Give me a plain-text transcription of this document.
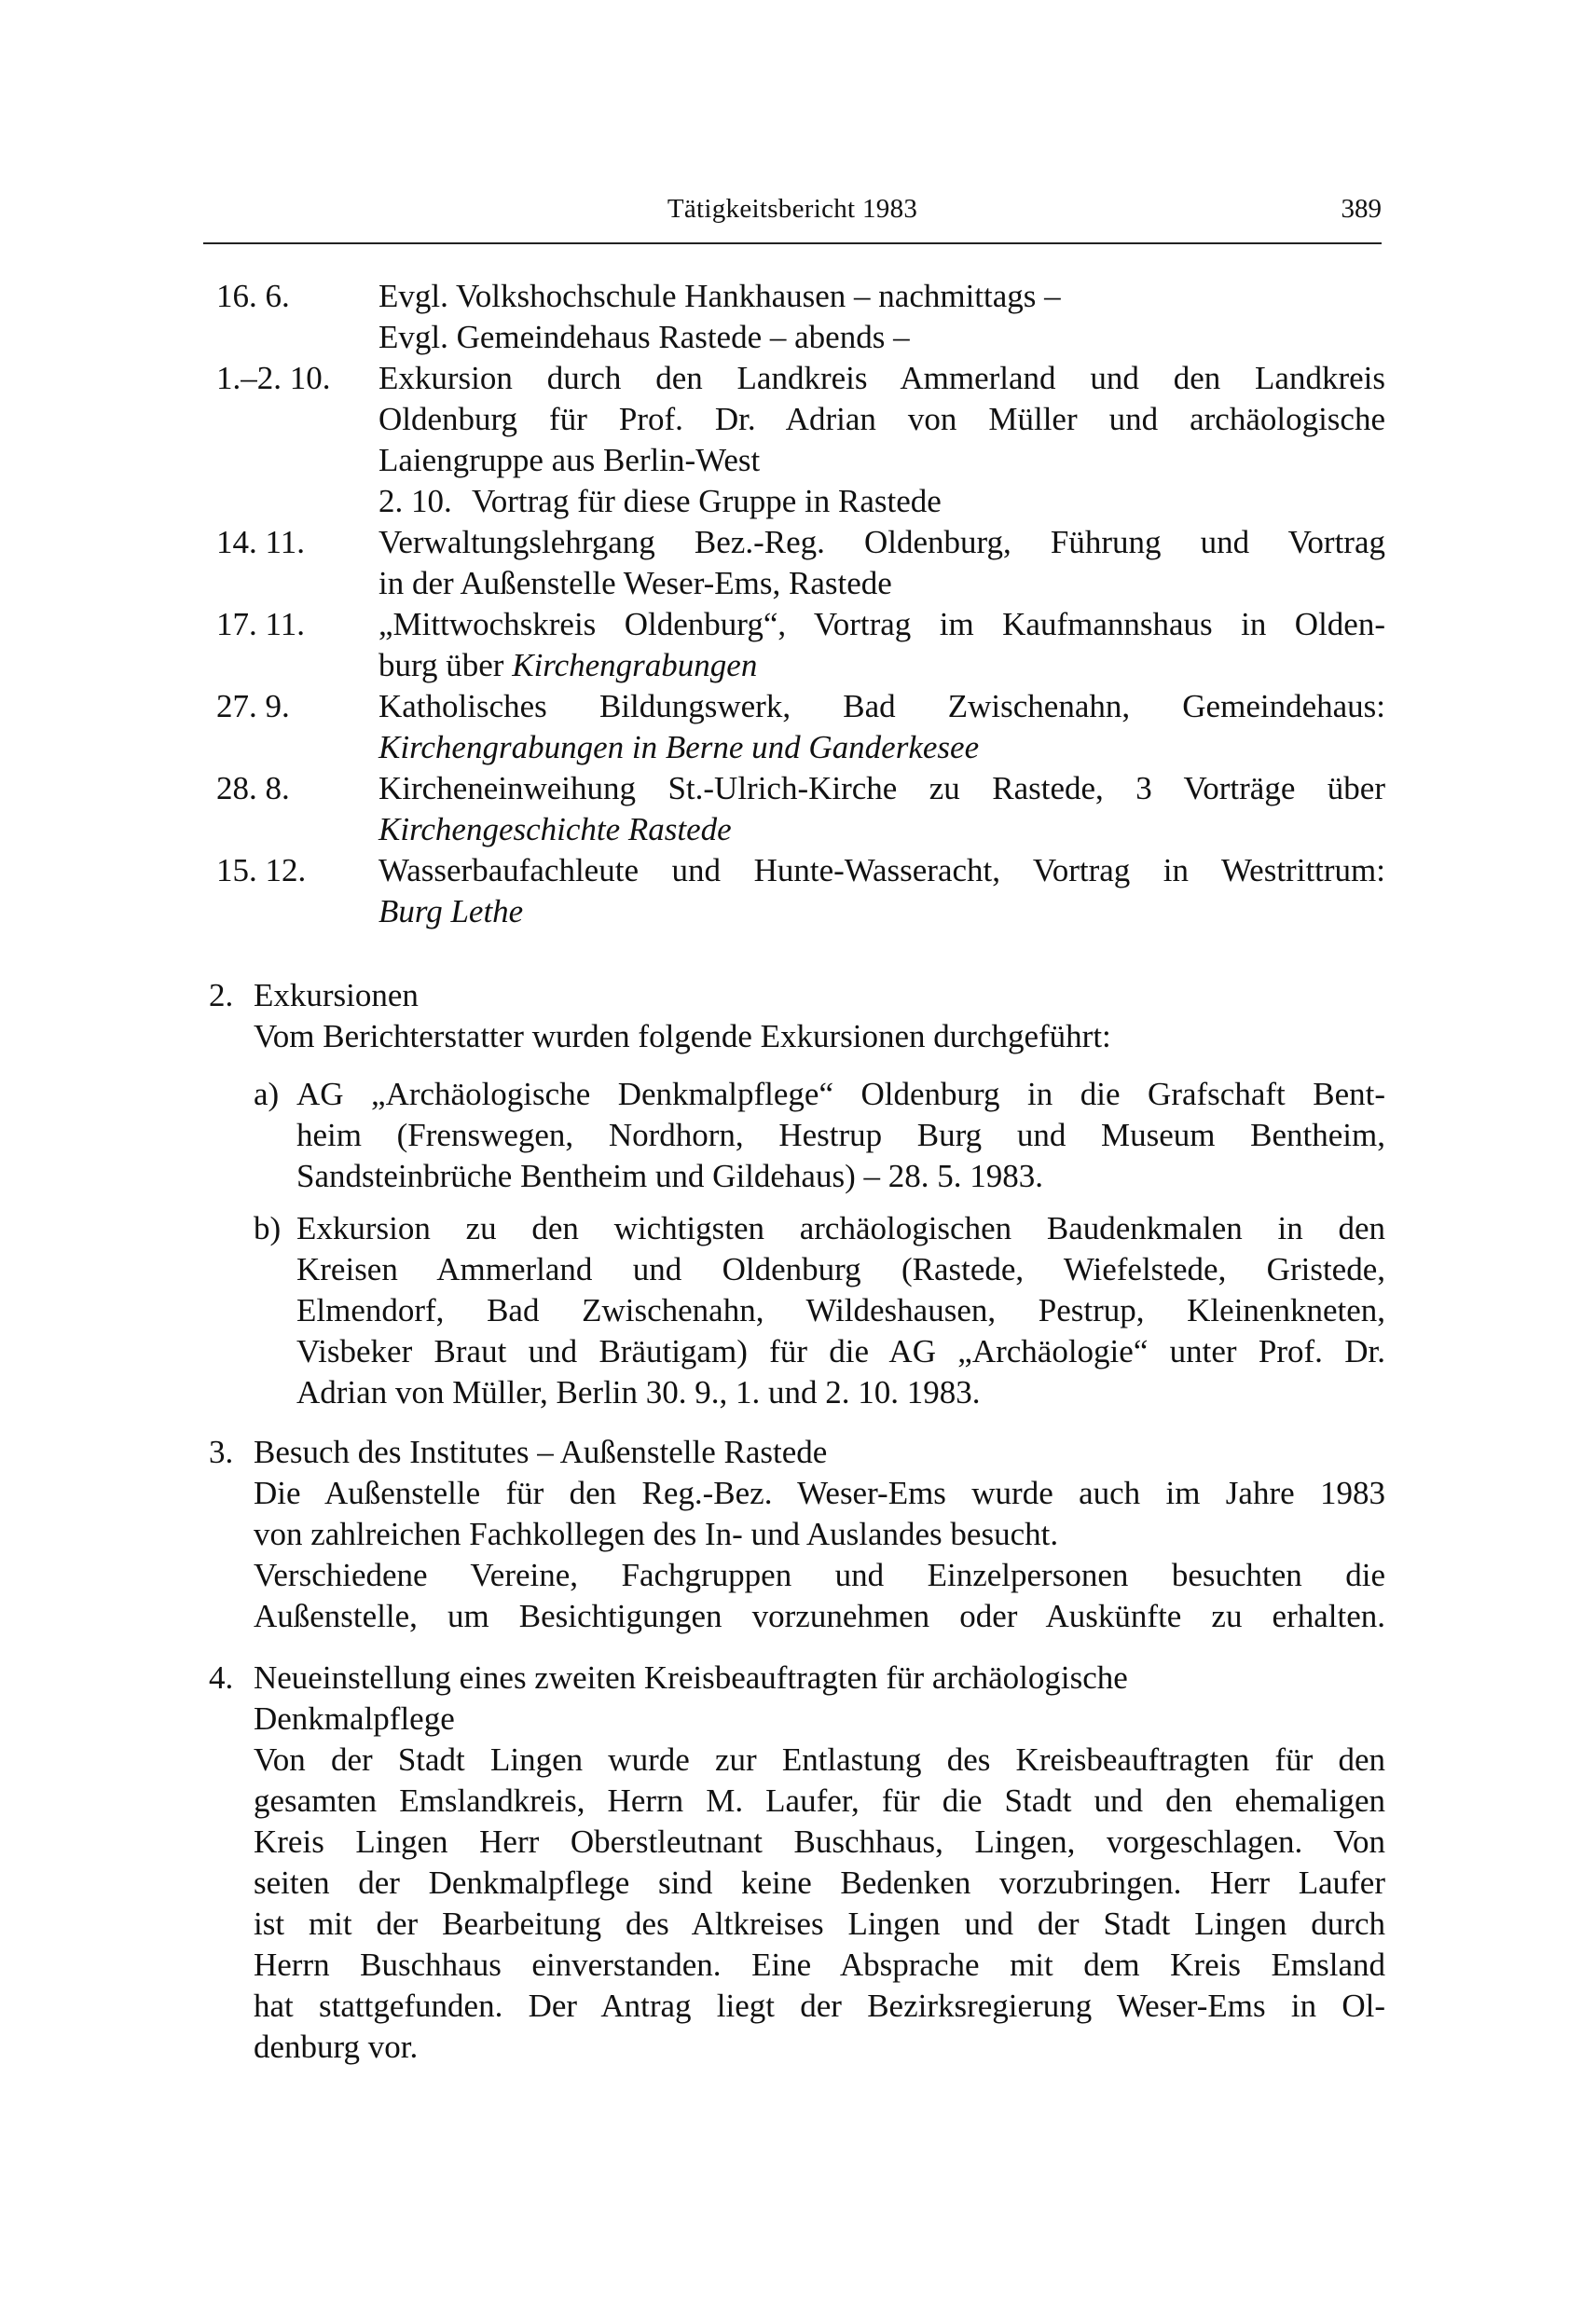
Tätigkeitsbericht 1983	389
16. 6.	Evgl. Volkshochschule Hankhausen – nachmittags –
Evgl. Gemeindehaus Rastede – abends –
1.–2. 10.	Exkursion durch den Landkreis Ammerland und den Landkreis
Oldenburg für Prof. Dr. Adrian von Müller und archäologische
Laiengruppe aus Berlin-West
2. 10. Vortrag für diese Gruppe in Rastede
14. 11.	Verwaltungslehrgang Bez.-Reg. Oldenburg, Führung und Vortrag
in der Außenstelle Weser-Ems, Rastede
17. 11.	„Mittwochskreis Oldenburg“, Vortrag im Kaufmannshaus in Olden-
burg über Kirchengrabungen
27. 9.	Katholisches Bildungswerk, Bad Zwischenahn, Gemeindehaus:
Kirchengrabungen in Berne und Ganderkesee
28. 8.	Kircheneinweihung St.-Ulrich-Kirche zu Rastede, 3 Vorträge über
Kirchengeschichte Rastede
15. 12.	Wasserbaufachleute und Hunte-Wasseracht, Vortrag in Westrittrum:
Burg Lethe
2. Exkursionen
Vom Berichterstatter wurden folgende Exkursionen durchgeführt:
a) AG „Archäologische Denkmalpflege“ Oldenburg in die Grafschaft Bent-
heim (Frenswegen, Nordhorn, Hestrup Burg und Museum Bentheim,
Sandsteinbrüche Bentheim und Gildehaus) – 28. 5. 1983.
b) Exkursion zu den wichtigsten archäologischen Baudenkmalen in den
Kreisen Ammerland und Oldenburg (Rastede, Wiefelstede, Gristede,
Elmendorf, Bad Zwischenahn, Wildeshausen, Pestrup, Kleinenkneten,
Visbeker Braut und Bräutigam) für die AG „Archäologie“ unter Prof. Dr.
Adrian von Müller, Berlin 30. 9., 1. und 2. 10. 1983.
3. Besuch des Institutes – Außenstelle Rastede
Die Außenstelle für den Reg.-Bez. Weser-Ems wurde auch im Jahre 1983
von zahlreichen Fachkollegen des In- und Auslandes besucht.
Verschiedene Vereine, Fachgruppen und Einzelpersonen besuchten die
Außenstelle, um Besichtigungen vorzunehmen oder Auskünfte zu erhalten.
4. Neueinstellung eines zweiten Kreisbeauftragten für archäologische
Denkmalpflege
Von der Stadt Lingen wurde zur Entlastung des Kreisbeauftragten für den
gesamten Emslandkreis, Herrn M. Laufer, für die Stadt und den ehemaligen
Kreis Lingen Herr Oberstleutnant Buschhaus, Lingen, vorgeschlagen. Von
seiten der Denkmalpflege sind keine Bedenken vorzubringen. Herr Laufer
ist mit der Bearbeitung des Altkreises Lingen und der Stadt Lingen durch
Herrn Buschhaus einverstanden. Eine Absprache mit dem Kreis Emsland
hat stattgefunden. Der Antrag liegt der Bezirksregierung Weser-Ems in Ol-
denburg vor.
